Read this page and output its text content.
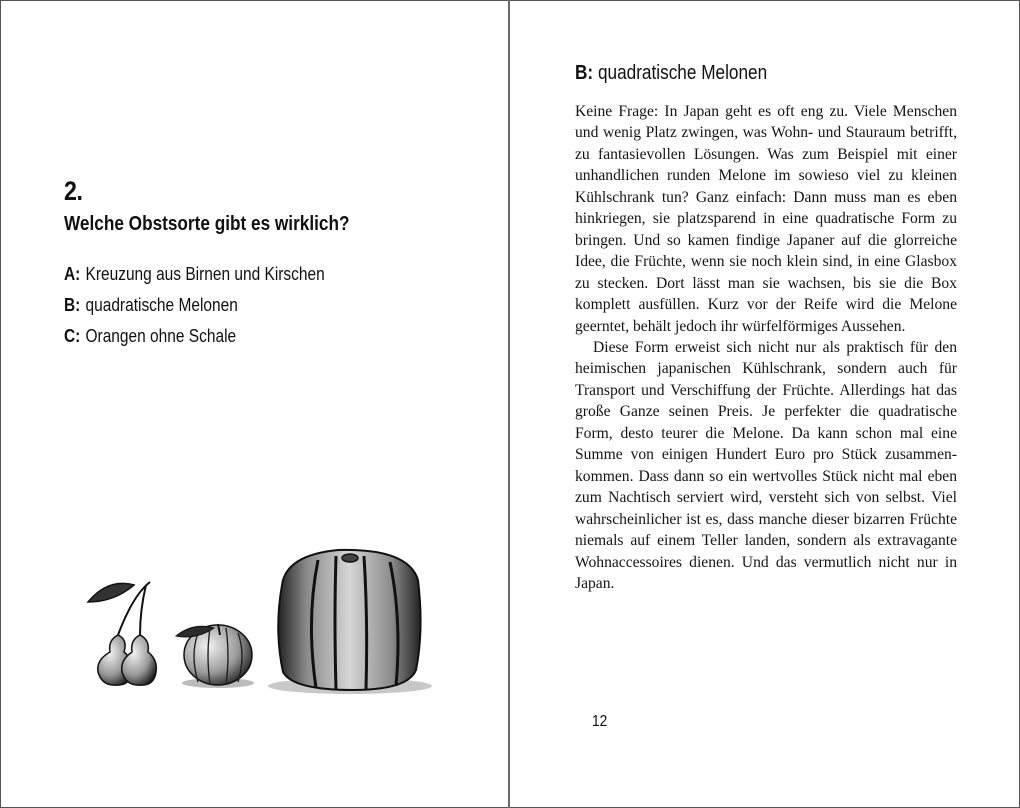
2.
Welche Obstsorte gibt es wirklich?
A: Kreuzung aus Birnen und Kirschen
B: quadratische Melonen
C: Orangen ohne Schale
B: quadratische Melonen

Keine Frage: In Japan geht es oft eng zu. Viele Menschen und wenig Platz zwingen, was Wohn- und Stauraum betrifft, zu fantasievollen Lösungen. Was zum Beispiel mit einer unhandlichen runden Melone im sowieso viel zu kleinen Kühlschrank tun? Ganz einfach: Dann muss man es eben hinkriegen, sie platzsparend in eine quadratische Form zu bringen. Und so kamen findige Japaner auf die glorreiche Idee, die Früchte, wenn sie noch klein sind, in eine Glasbox zu stecken. Dort lässt man sie wachsen, bis sie die Box komplett ausfüllen. Kurz vor der Reife wird die Melone geerntet, behält jedoch ihr würfelförmiges Aussehen.

Diese Form erweist sich nicht nur als praktisch für den heimischen japanischen Kühlschrank, sondern auch für Transport und Verschiffung der Früchte. Allerdings hat das große Ganze seinen Preis. Je perfekter die quadratische Form, desto teurer die Melone. Da kann schon mal eine Summe von einigen Hundert Euro pro Stück zusammenkommen. Dass dann so ein wertvolles Stück nicht mal eben zum Nachtisch serviert wird, versteht sich von selbst. Viel wahrscheinlicher ist es, dass manche dieser bizarren Früchte niemals auf einem Teller landen, sondern als extravagante Wohnaccessoires dienen. Und das vermutlich nicht nur in Japan.

12
